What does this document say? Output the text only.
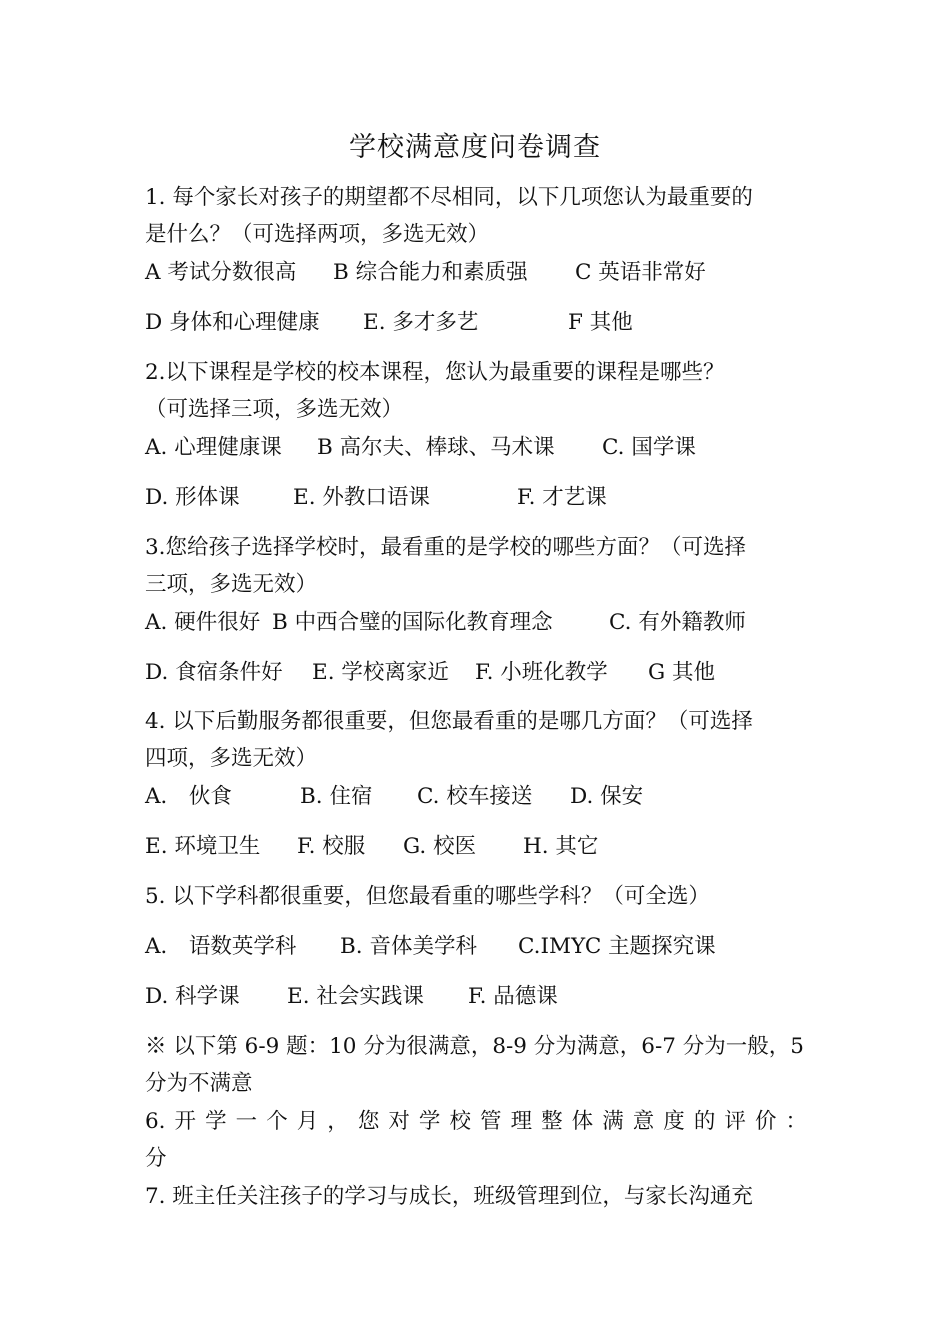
学校满意度问卷调查
1. 每个家长对孩子的期望都不尽相同，以下几项您认为最重要的
是什么？（可选择两项，多选无效）
A 考试分数很高 B 综合能力和素质强 C 英语非常好
D 身体和心理健康 E. 多才多艺	F 其他
2.以下课程是学校的校本课程，您认为最重要的课程是哪些？
（可选择三项，多选无效）
A. 心理健康课 B 高尔夫、棒球、马术课 C. 国学课
D. 形体课 E. 外教口语课	F. 才艺课
3.您给孩子选择学校时，最看重的是学校的哪些方面？（可选择
三项，多选无效）
A. 硬件很好 B 中西合璧的国际化教育理念	C. 有外籍教师
D. 食宿条件好 E. 学校离家近 F. 小班化教学 G 其他
4. 以下后勤服务都很重要，但您最看重的是哪几方面？（可选择
四项，多选无效）
A． 伙食	B. 住宿 C. 校车接送 D. 保安
E. 环境卫生 F. 校服 G. 校医 H. 其它
5. 以下学科都很重要，但您最看重的哪些学科？（可全选）
A． 语数英学科 B. 音体美学科 C.IMYC 主题探究课
D. 科学课 E. 社会实践课 F. 品德课
※ 以下第 6-9 题：10 分为很满意，8-9 分为满意，6-7 分为一般，5
分为不满意
6. 开 学 一 个 月 ， 您 对 学 校 管 理 整 体 满 意 度 的 评 价 ：
分
7. 班主任关注孩子的学习与成长，班级管理到位，与家长沟通充
